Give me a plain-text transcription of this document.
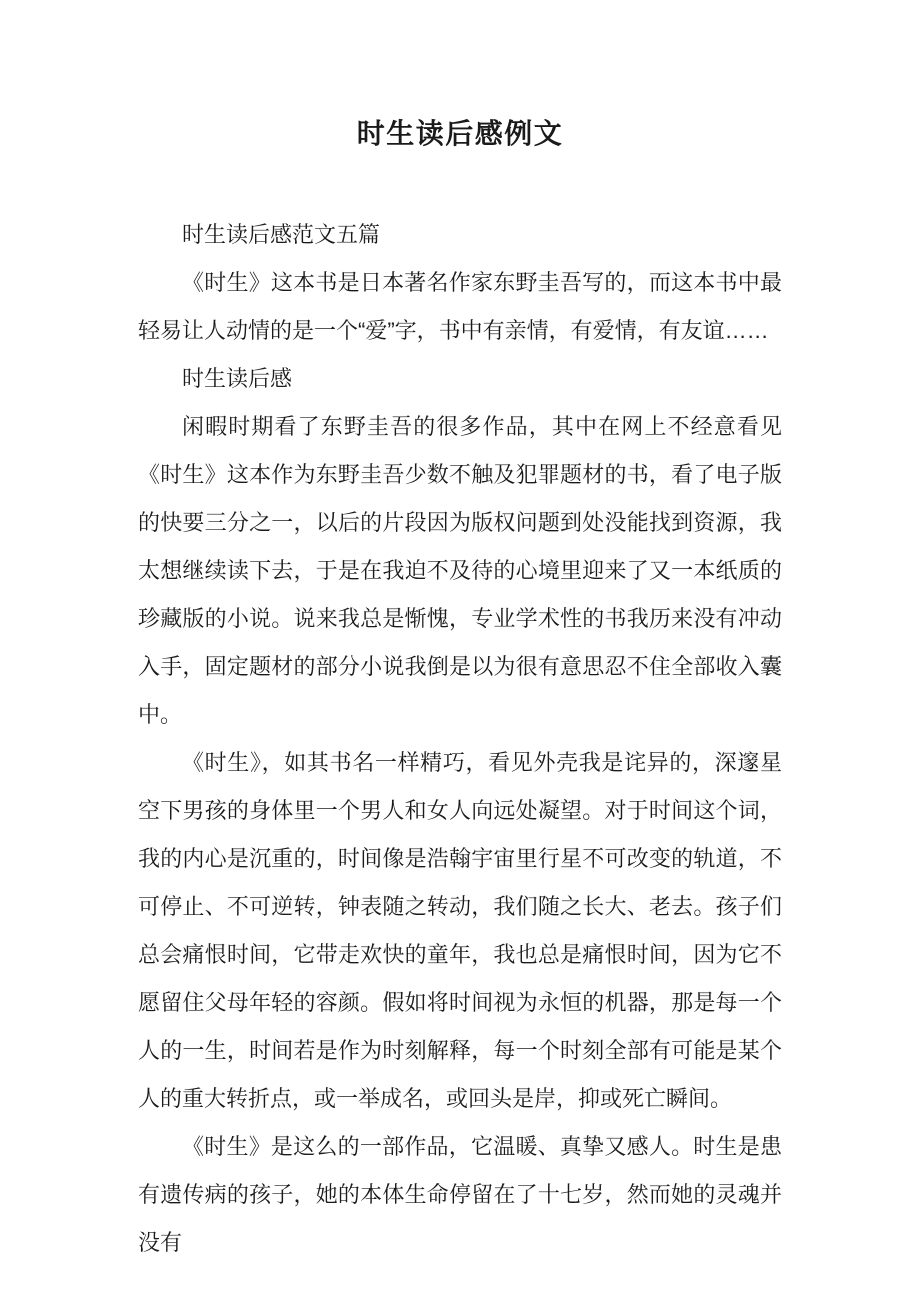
时生读后感例文

时生读后感范文五篇

《时生》这本书是日本著名作家东野圭吾写的，而这本书中最轻易让人动情的是一个“爱”字，书中有亲情，有爱情，有友谊……

时生读后感

闲暇时期看了东野圭吾的很多作品，其中在网上不经意看见《时生》这本作为东野圭吾少数不触及犯罪题材的书，看了电子版的快要三分之一，以后的片段因为版权问题到处没能找到资源，我太想继续读下去，于是在我迫不及待的心境里迎来了又一本纸质的珍藏版的小说。说来我总是惭愧，专业学术性的书我历来没有冲动入手，固定题材的部分小说我倒是以为很有意思忍不住全部收入囊中。

《时生》，如其书名一样精巧，看见外壳我是诧异的，深邃星空下男孩的身体里一个男人和女人向远处凝望。对于时间这个词，我的内心是沉重的，时间像是浩翰宇宙里行星不可改变的轨道，不可停止、不可逆转，钟表随之转动，我们随之长大、老去。孩子们总会痛恨时间，它带走欢快的童年，我也总是痛恨时间，因为它不愿留住父母年轻的容颜。假如将时间视为永恒的机器，那是每一个人的一生，时间若是作为时刻解释，每一个时刻全部有可能是某个人的重大转折点，或一举成名，或回头是岸，抑或死亡瞬间。

《时生》是这么的一部作品，它温暖、真挚又感人。时生是患有遗传病的孩子，她的本体生命停留在了十七岁，然而她的灵魂并没有
